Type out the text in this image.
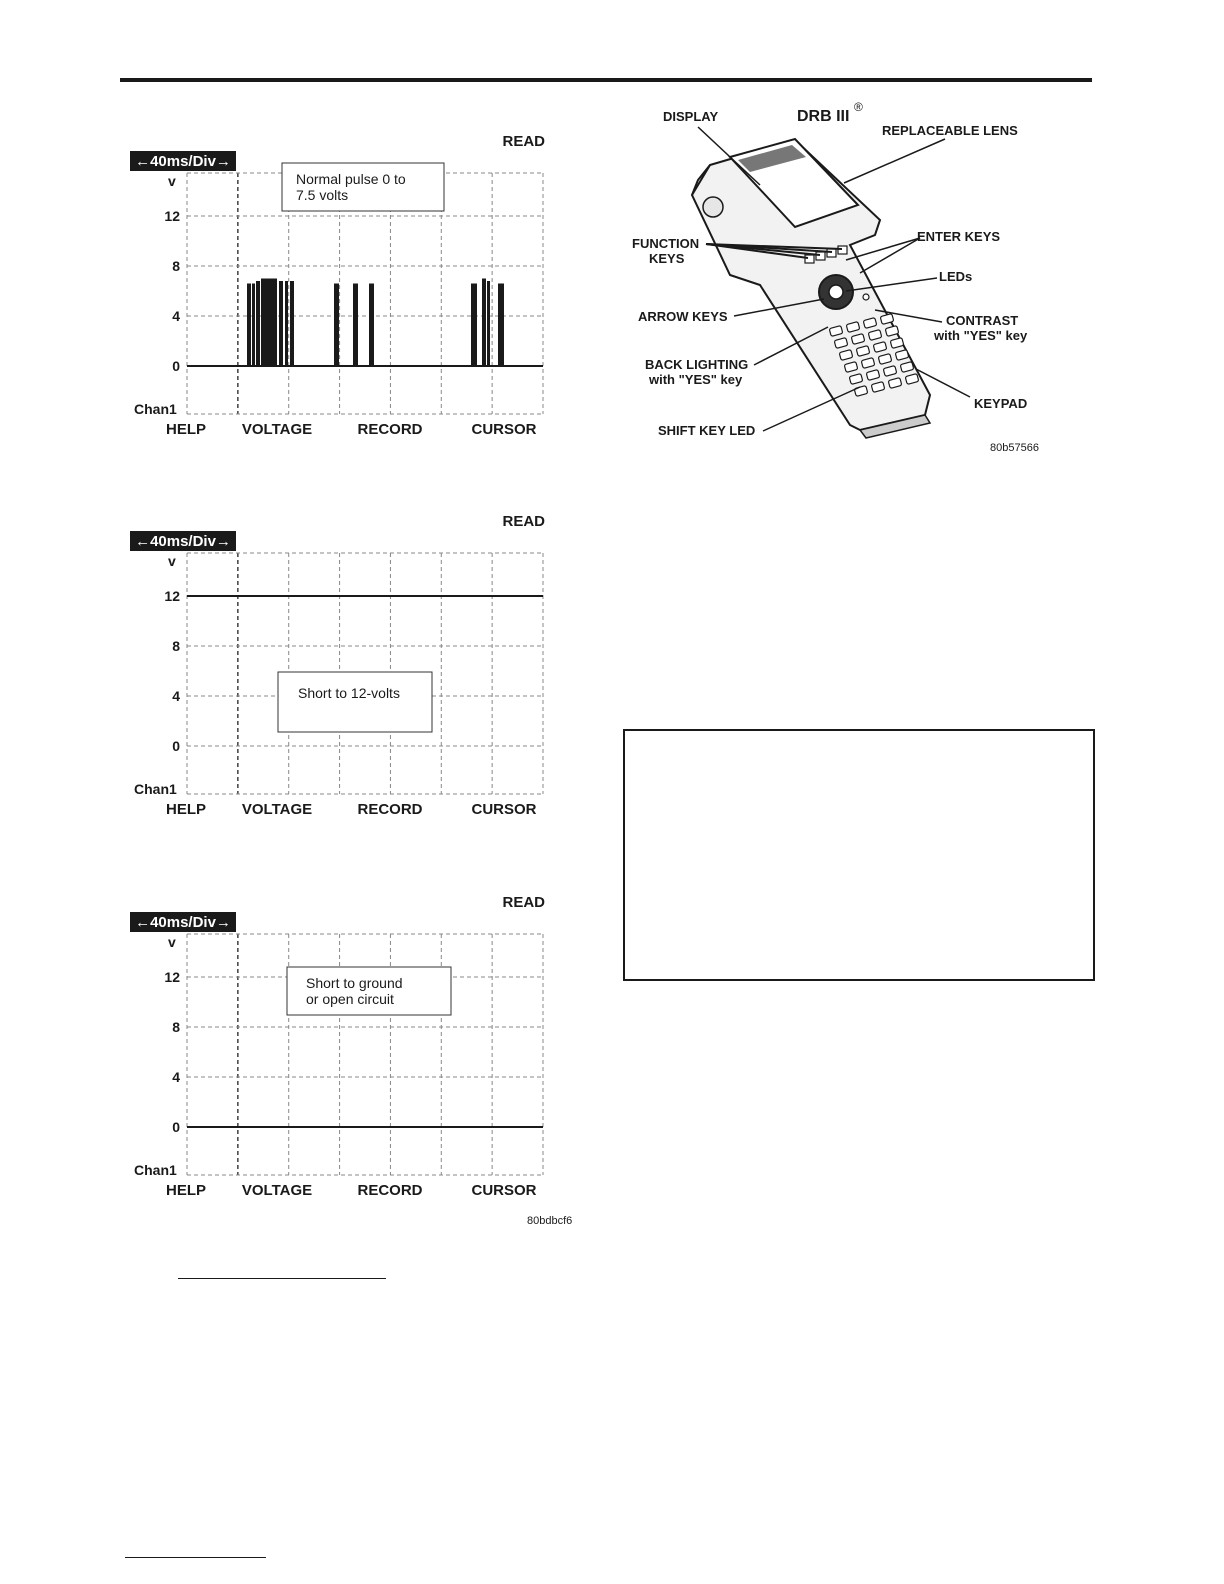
READ
←40ms/Div→
v
12
8
4
0
Normal pulse 0 to
7.5 volts
Chan1
HELP VOLTAGE	RECORD	CURSOR
READ
←40ms/Div→
v
12
8
4
0
Short to 12-volts
Chan1
HELP VOLTAGE	RECORD	CURSOR
READ
←40ms/Div→
v
12
8
4
0
Short to ground
or open circuit
Chan1
HELP VOLTAGE	RECORD	CURSOR
80bdbcf6
DISPLAY	DRB III
®
REPLACEABLE LENS
FUNCTION
KEYS
ENTER KEYS
LEDs
ARROW KEYS	CONTRAST
with "YES" key
BACK LIGHTING
with "YES" key
KEYPAD
SHIFT KEY LED
80b57566
